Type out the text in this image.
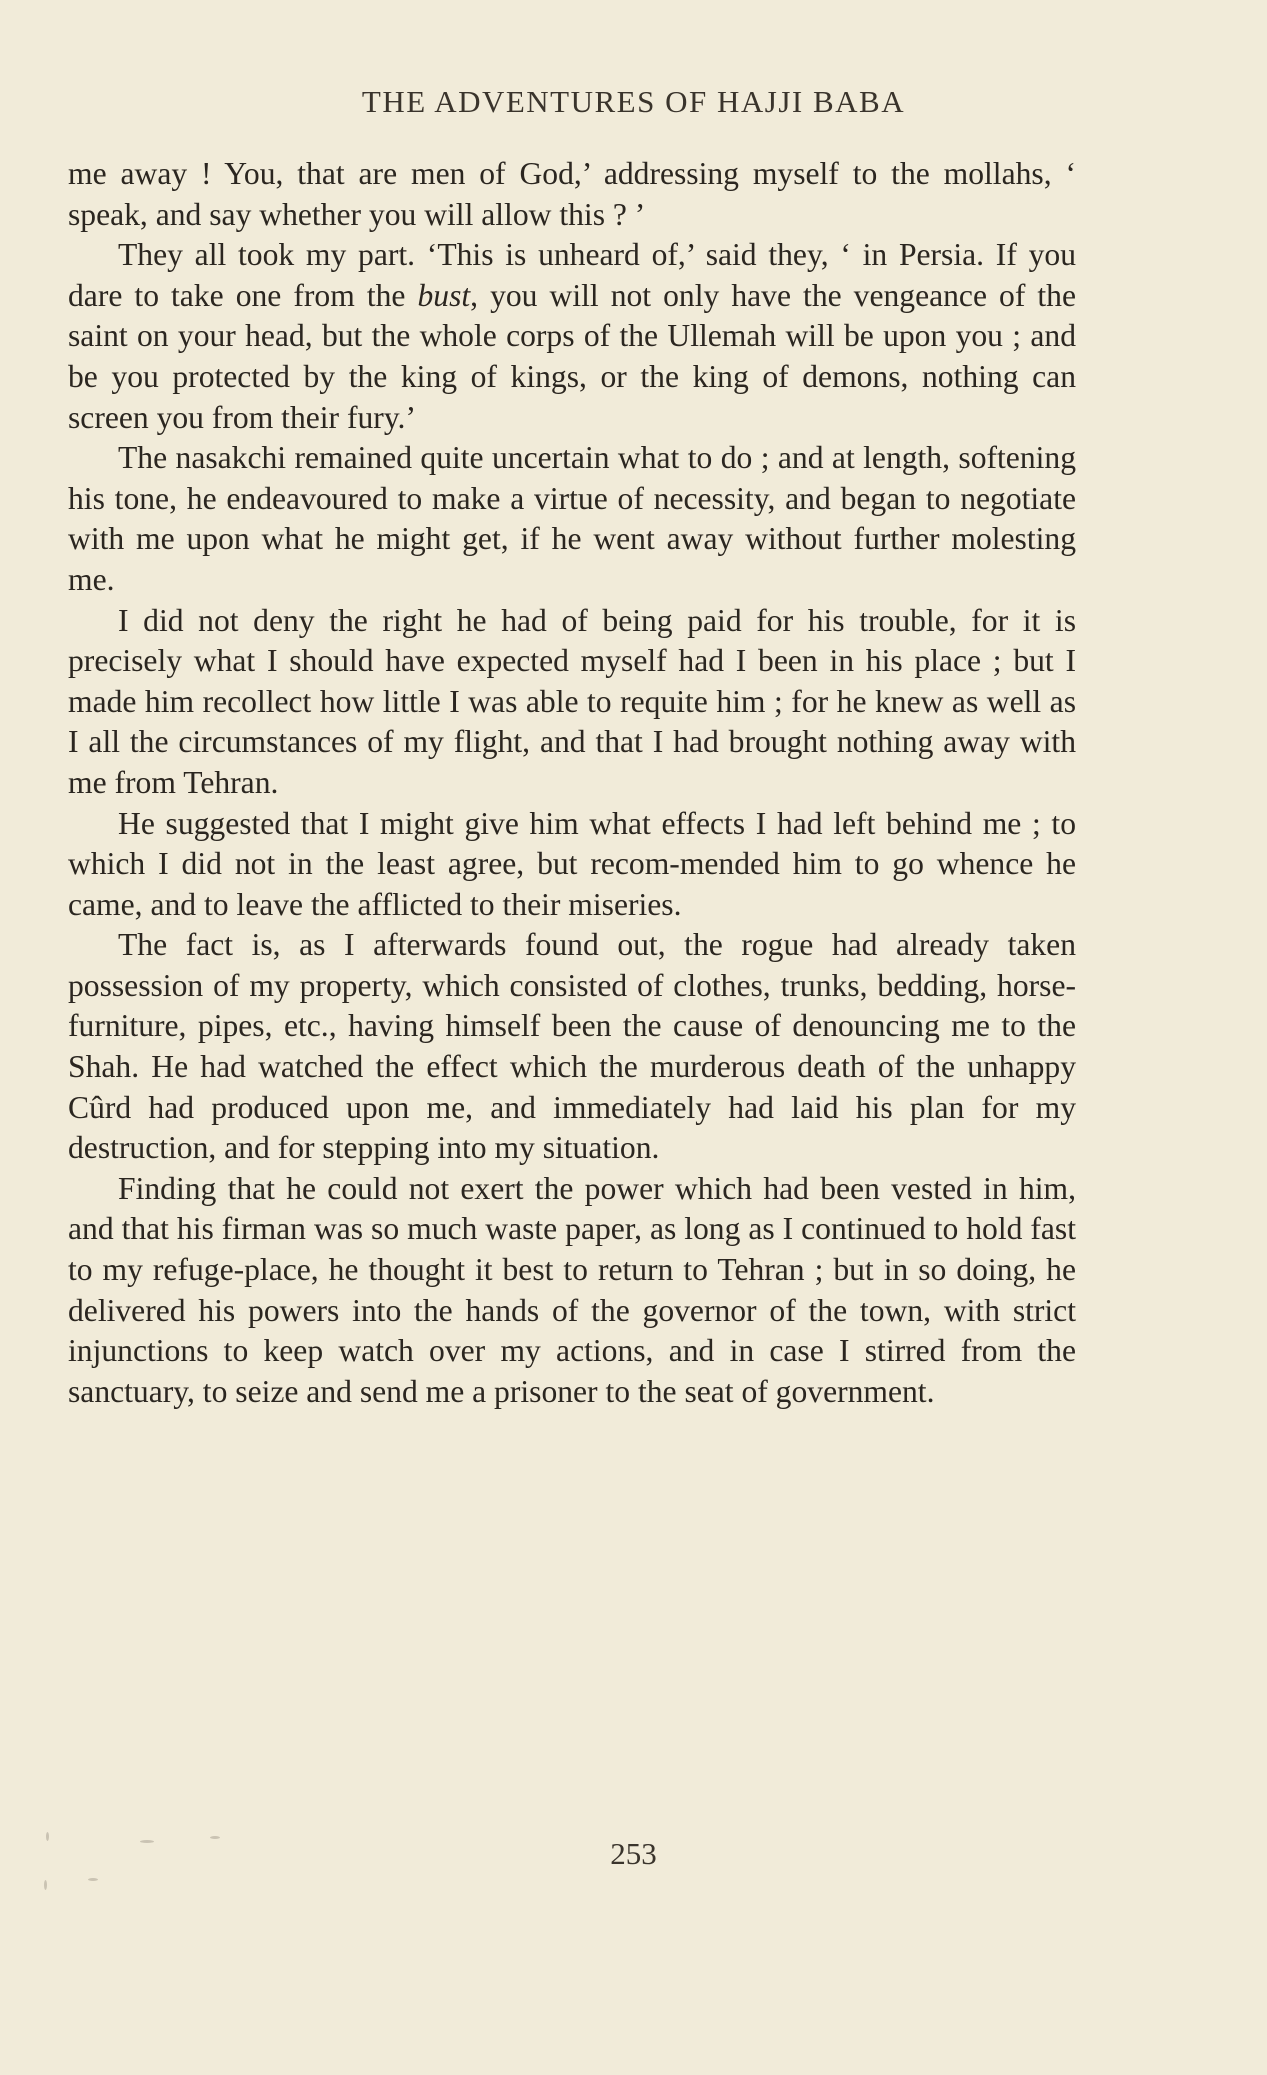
THE ADVENTURES OF HAJJI BABA

me away ! You, that are men of God,’ addressing myself to the mollahs, ‘ speak, and say whether you will allow this ? ’

They all took my part. ‘This is unheard of,’ said they, ‘ in Persia. If you dare to take one from the bust, you will not only have the vengeance of the saint on your head, but the whole corps of the Ullemah will be upon you ; and be you protected by the king of kings, or the king of demons, nothing can screen you from their fury.’

The nasakchi remained quite uncertain what to do ; and at length, softening his tone, he endeavoured to make a virtue of necessity, and began to negotiate with me upon what he might get, if he went away without further molesting me.

I did not deny the right he had of being paid for his trouble, for it is precisely what I should have expected myself had I been in his place ; but I made him recollect how little I was able to requite him ; for he knew as well as I all the circumstances of my flight, and that I had brought nothing away with me from Tehran.

He suggested that I might give him what effects I had left behind me ; to which I did not in the least agree, but recom-mended him to go whence he came, and to leave the afflicted to their miseries.

The fact is, as I afterwards found out, the rogue had already taken possession of my property, which consisted of clothes, trunks, bedding, horse-furniture, pipes, etc., having himself been the cause of denouncing me to the Shah. He had watched the effect which the murderous death of the unhappy Cûrd had produced upon me, and immediately had laid his plan for my destruction, and for stepping into my situation.

Finding that he could not exert the power which had been vested in him, and that his firman was so much waste paper, as long as I continued to hold fast to my refuge-place, he thought it best to return to Tehran ; but in so doing, he delivered his powers into the hands of the governor of the town, with strict injunctions to keep watch over my actions, and in case I stirred from the sanctuary, to seize and send me a prisoner to the seat of government.

253
